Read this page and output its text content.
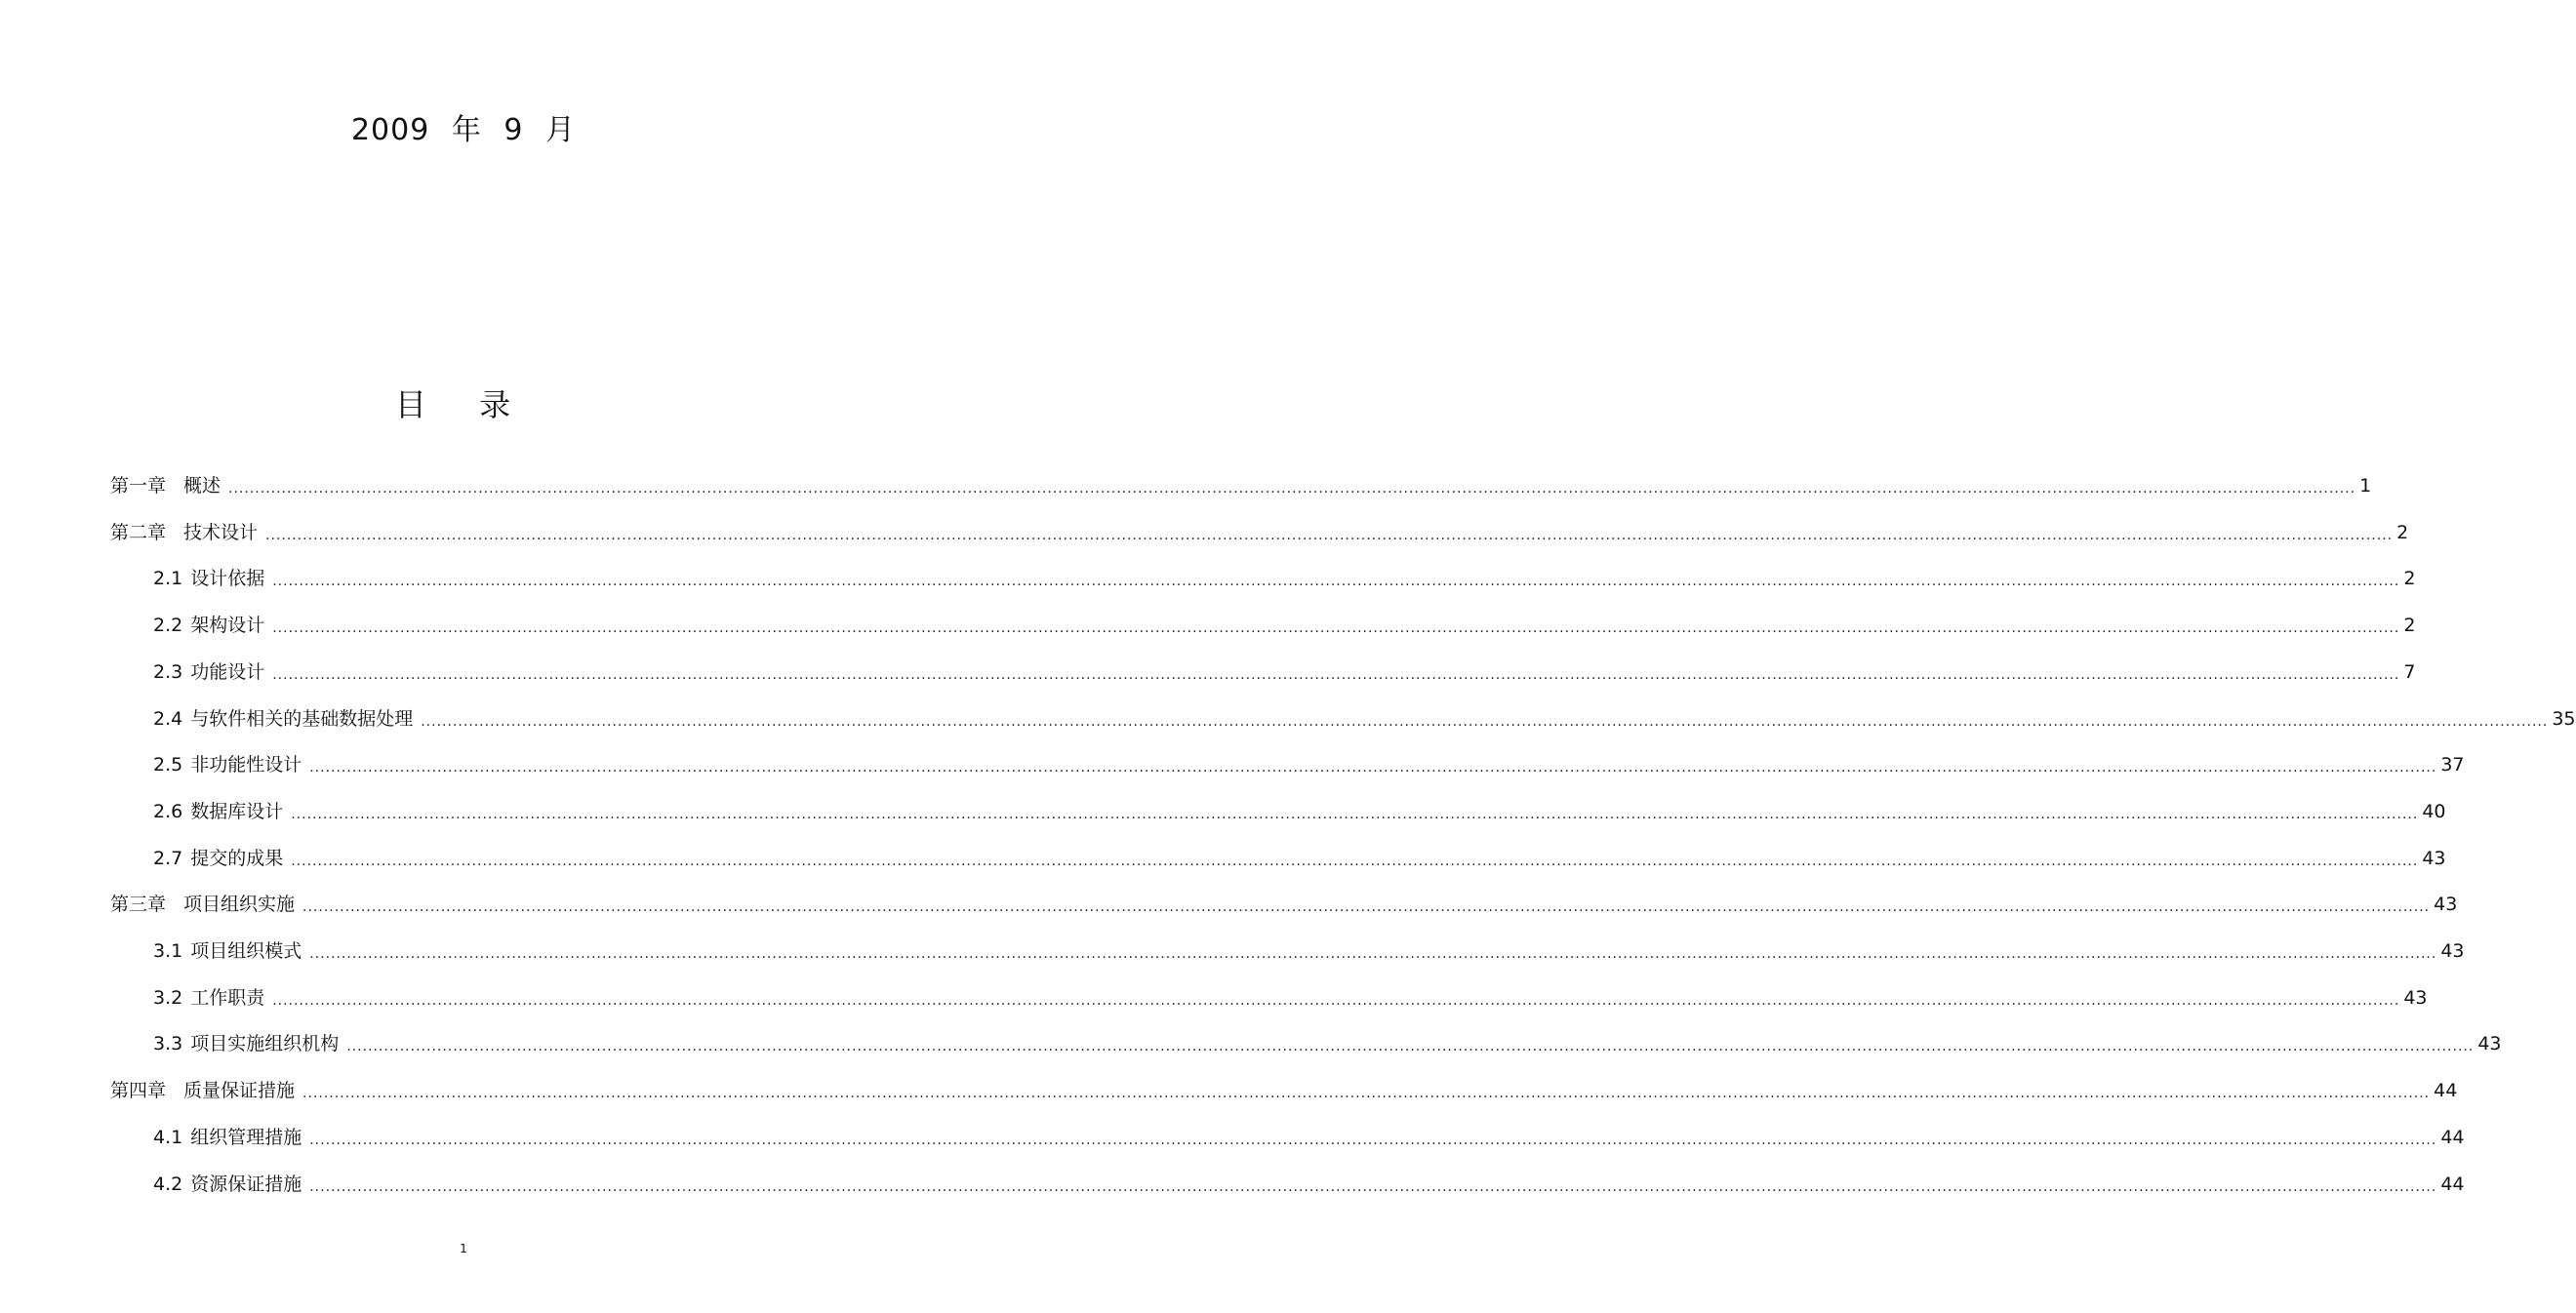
2009 年 9 月
目 录
第一章 概述 ................................................................................................................................................................................................................................................................................................................................................................................................................ 1
第二章 技术设计 ................................................................................................................................................................................................................................................................................................................................................................................................................ 2
2.1 设计依据 ................................................................................................................................................................................................................................................................................................................................................................................................................ 2
2.2 架构设计 ................................................................................................................................................................................................................................................................................................................................................................................................................ 2
2.3 功能设计 ................................................................................................................................................................................................................................................................................................................................................................................................................ 7
2.4 与软件相关的基础数据处理 ................................................................................................................................................................................................................................................................................................................................................................................................................ 35
2.5 非功能性设计 ................................................................................................................................................................................................................................................................................................................................................................................................................ 37
2.6 数据库设计 ................................................................................................................................................................................................................................................................................................................................................................................................................ 40
2.7 提交的成果 ................................................................................................................................................................................................................................................................................................................................................................................................................ 43
第三章 项目组织实施 ................................................................................................................................................................................................................................................................................................................................................................................................................ 43
3.1 项目组织模式 ................................................................................................................................................................................................................................................................................................................................................................................................................ 43
3.2 工作职责 ................................................................................................................................................................................................................................................................................................................................................................................................................ 43
3.3 项目实施组织机构 ................................................................................................................................................................................................................................................................................................................................................................................................................ 43
第四章 质量保证措施 ................................................................................................................................................................................................................................................................................................................................................................................................................ 44
4.1 组织管理措施 ................................................................................................................................................................................................................................................................................................................................................................................................................ 44
4.2 资源保证措施 ................................................................................................................................................................................................................................................................................................................................................................................................................ 44
1
